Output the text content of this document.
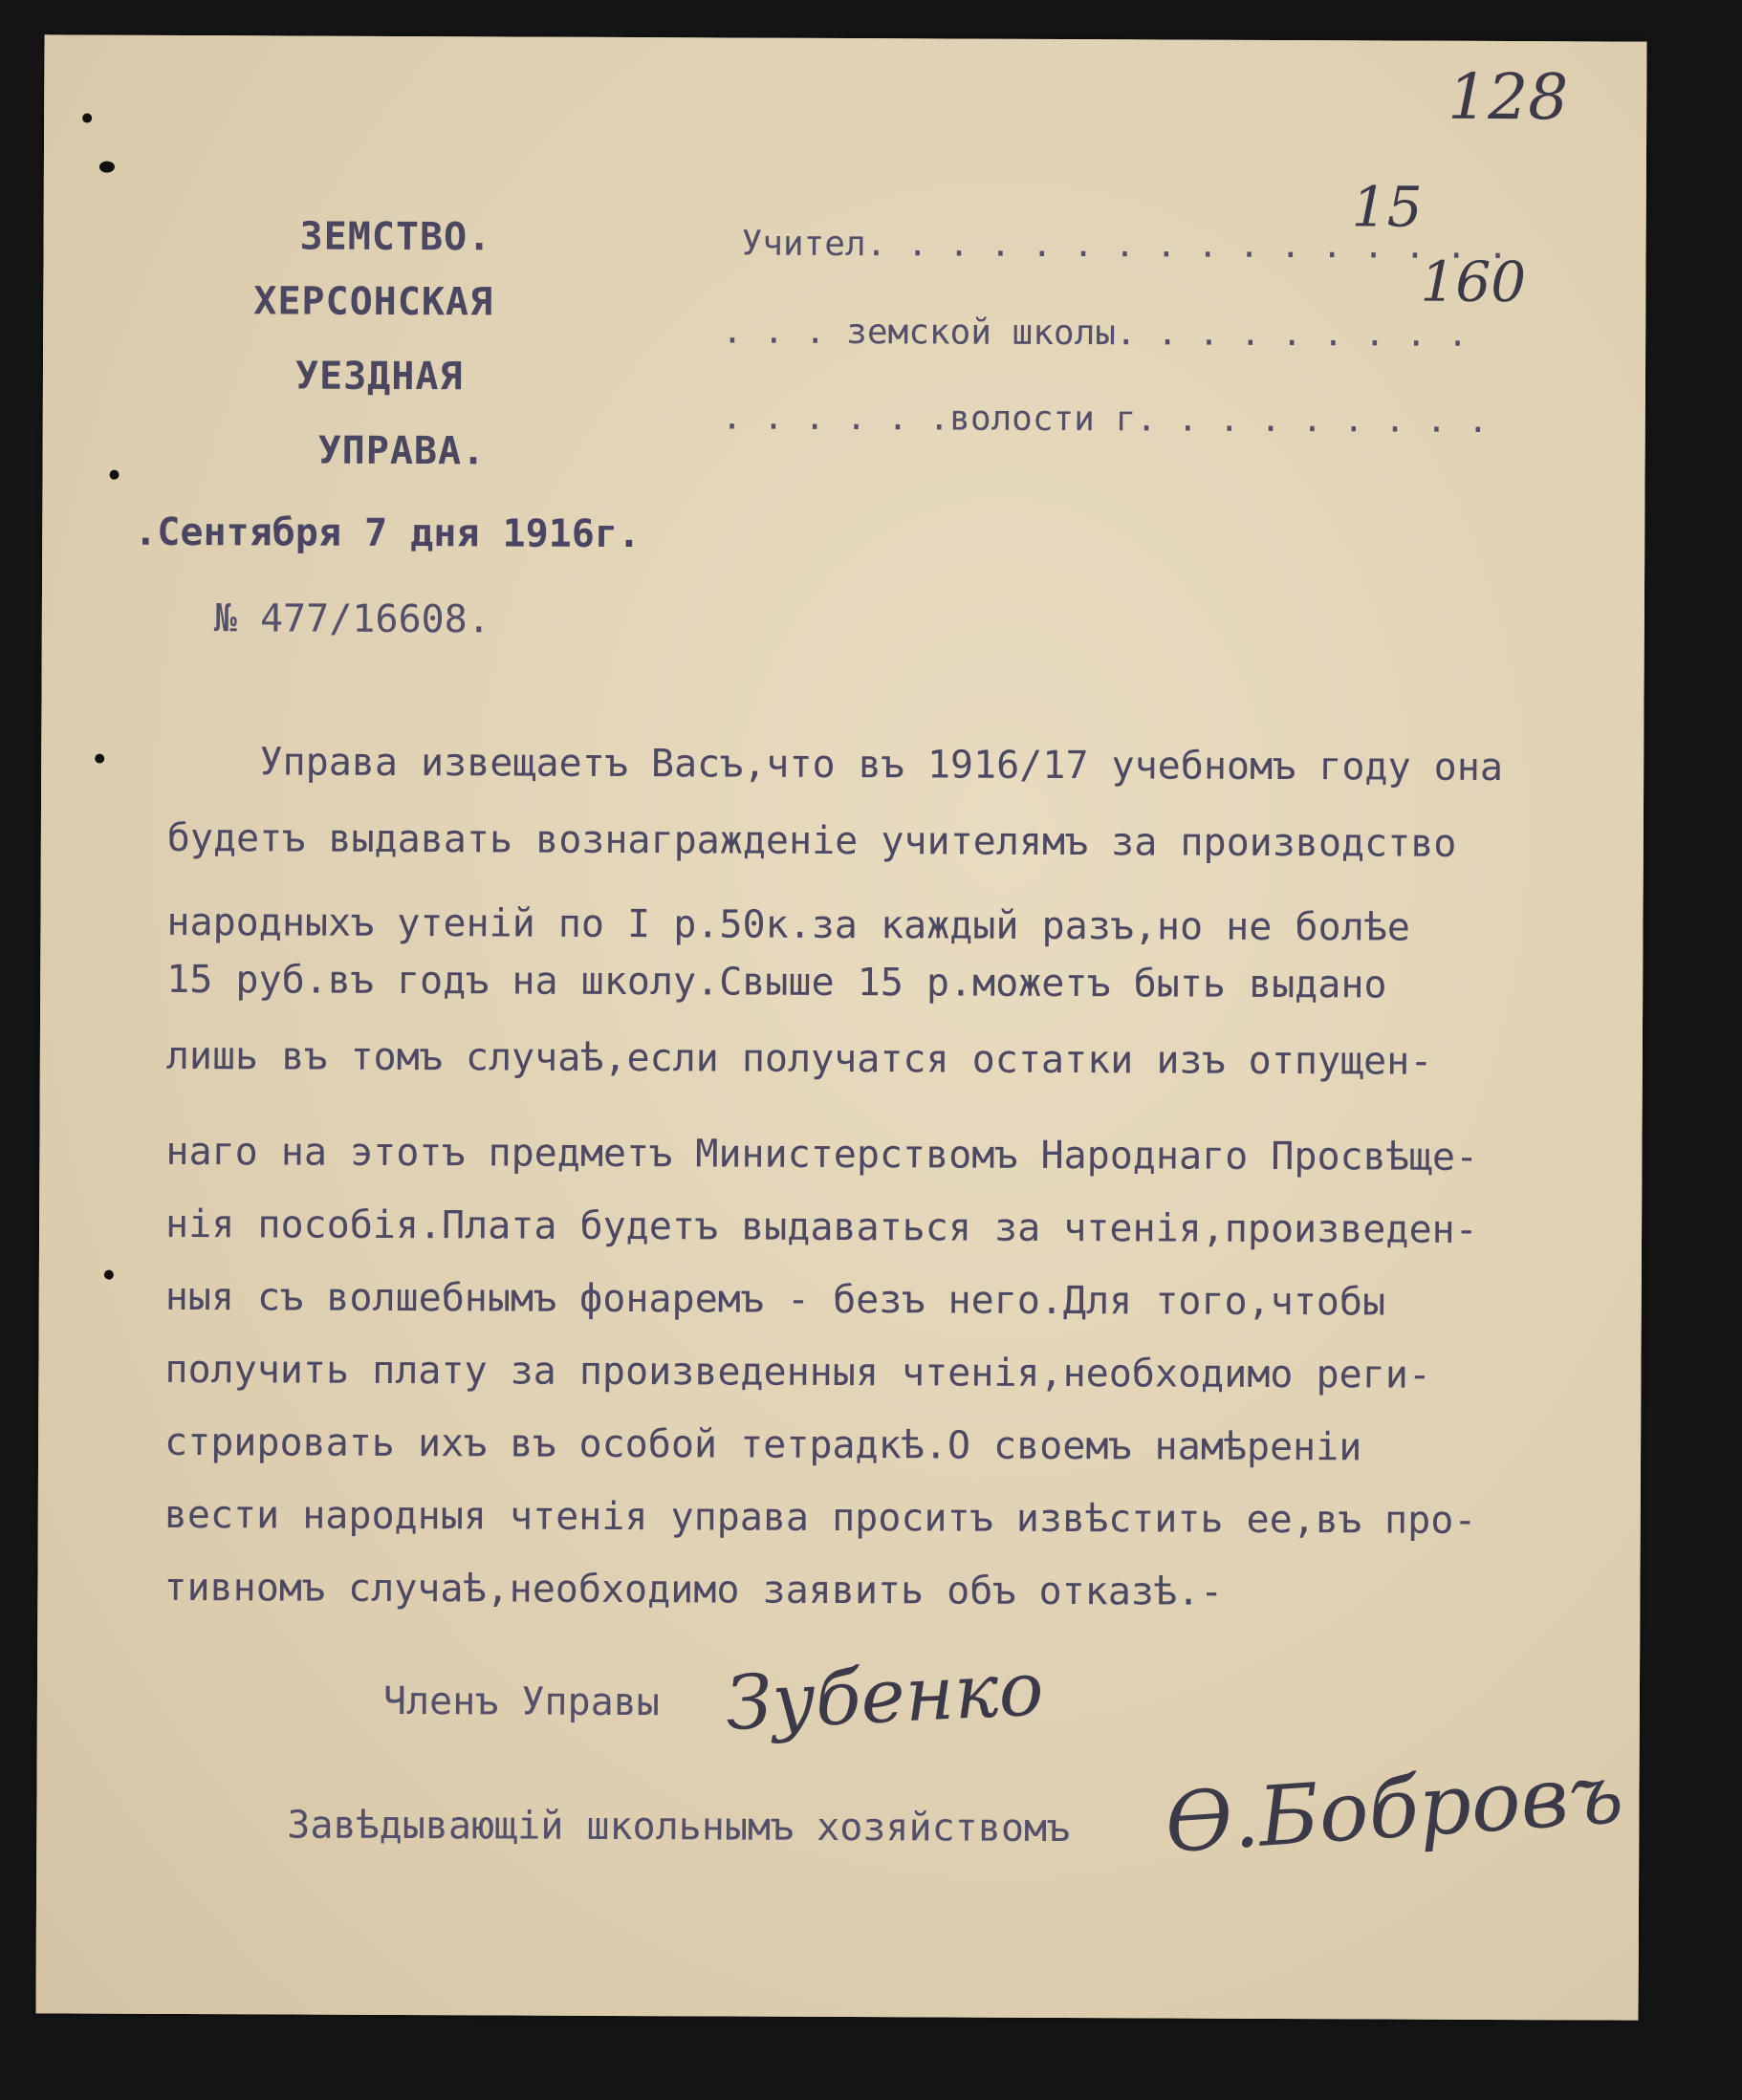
ЗЕМСТВО.
ХЕРСОНСКАЯ
УЕЗДНАЯ
УПРАВА.
.Сентября 7 дня 1916г.
№ 477/16608.
Учител. . . . . . . . . . . . . . . .
. . . земской школы. . . . . . . . .
. . . . . .волости г. . . . . . . . .
128
15
160
Управа извещаетъ Васъ,что въ 1916/17 учебномъ году она
будетъ выдавать вознагражденіе учителямъ за производство
народныхъ утеній по I р.50к.за каждый разъ,но не болѣе
15 руб.въ годъ на школу.Свыше 15 р.можетъ быть выдано
лишь въ томъ случаѣ,если получатся остатки изъ отпущен-
наго на этотъ предметъ Министерствомъ Народнаго Просвѣще-
нія пособія.Плата будетъ выдаваться за чтенія,произведен-
ныя съ волшебнымъ фонаремъ - безъ него.Для того,чтобы
получить плату за произведенныя чтенія,необходимо реги-
стрировать ихъ въ особой тетрадкѣ.О своемъ намѣреніи
вести народныя чтенія управа проситъ извѣстить ее,въ про-
тивномъ случаѣ,необходимо заявить объ отказѣ.-
Членъ Управы Зубенко
Завѣдывающій школьнымъ хозяйствомъ Ѳ.Бобровъ
